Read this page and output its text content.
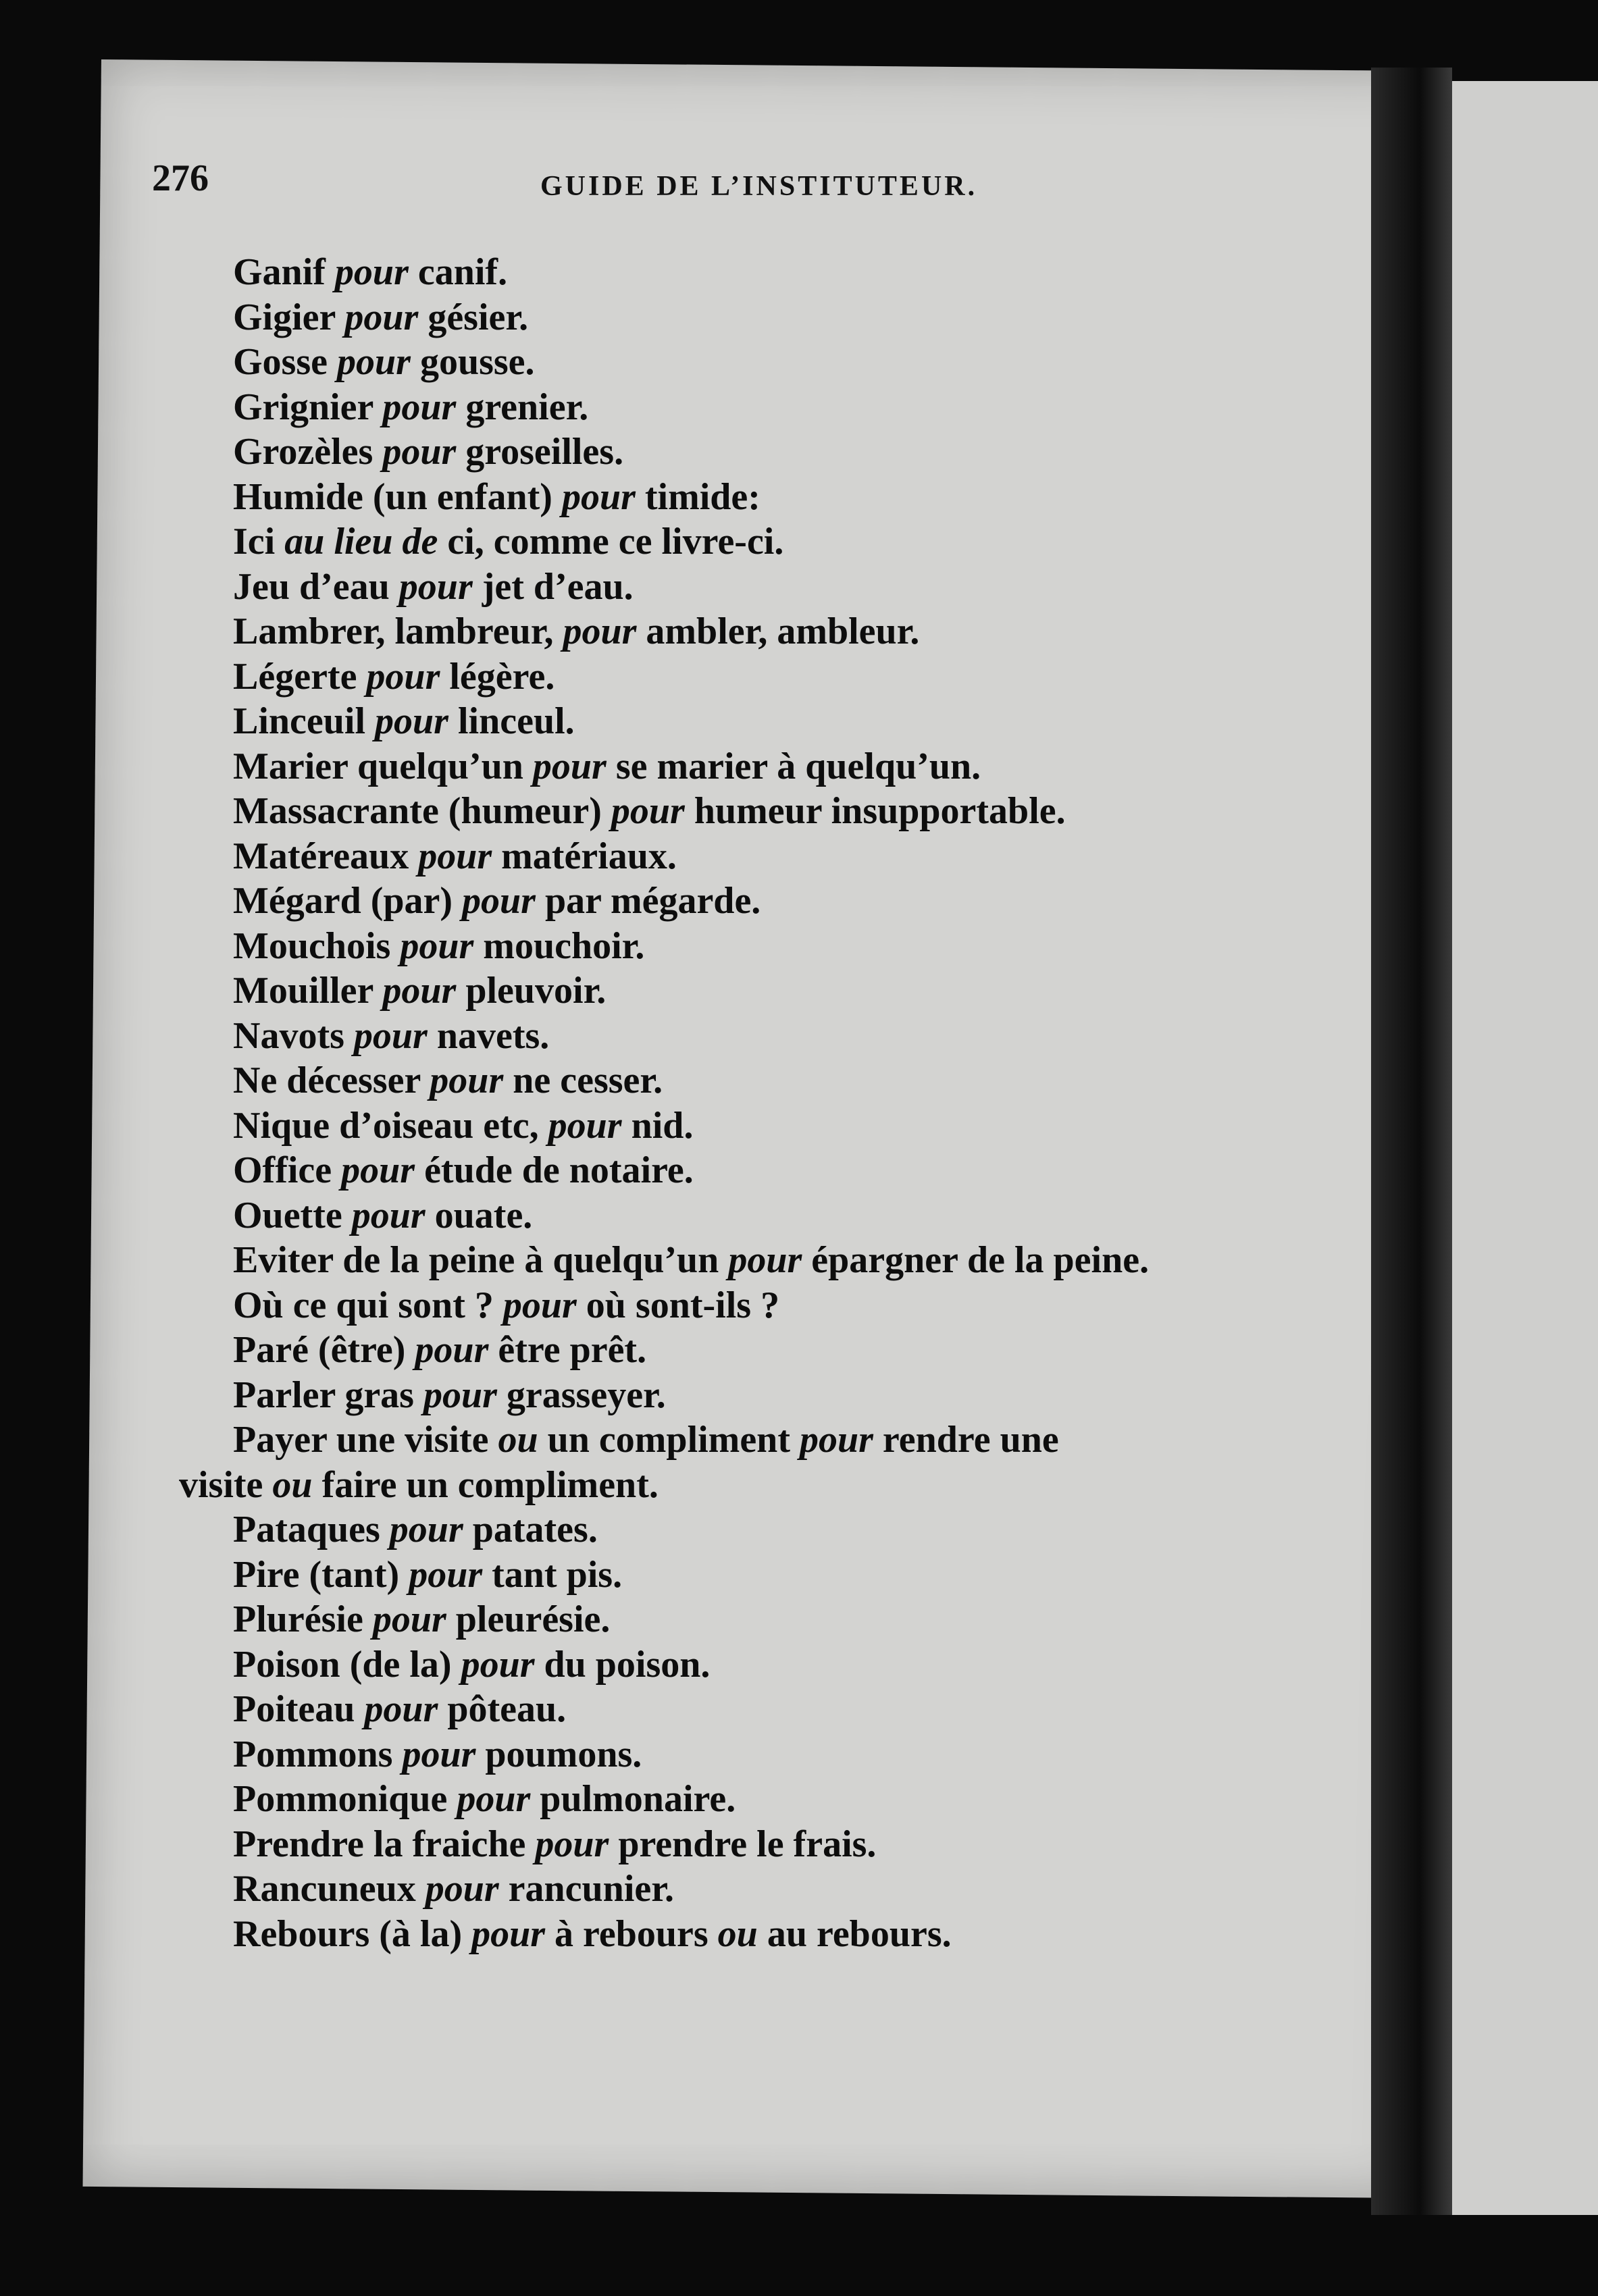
276	GUIDE DE L’INSTITUTEUR.
Ganif pour canif.
Gigier pour gésier.
Gosse pour gousse.
Grignier pour grenier.
Grozèles pour groseilles.
Humide (un enfant) pour timide:
Ici au lieu de ci, comme ce livre-ci.
Jeu d’eau pour jet d’eau.
Lambrer, lambreur, pour ambler, ambleur.
Légerte pour légère.
Linceuil pour linceul.
Marier quelqu’un pour se marier à quelqu’un.
Massacrante (humeur) pour humeur insupportable.
Matéreaux pour matériaux.
Mégard (par) pour par mégarde.
Mouchois pour mouchoir.
Mouiller pour pleuvoir.
Navots pour navets.
Ne décesser pour ne cesser.
Nique d’oiseau etc, pour nid.
Office pour étude de notaire.
Ouette pour ouate.
Eviter de la peine à quelqu’un pour épargner de la peine.
Où ce qui sont ? pour où sont-ils ?
Paré (être) pour être prêt.
Parler gras pour grasseyer.
Payer une visite ou un compliment pour rendre une
visite ou faire un compliment.
Pataques pour patates.
Pire (tant) pour tant pis.
Plurésie pour pleurésie.
Poison (de la) pour du poison.
Poiteau pour pôteau.
Pommons pour poumons.
Pommonique pour pulmonaire.
Prendre la fraiche pour prendre le frais.
Rancuneux pour rancunier.
Rebours (à la) pour à rebours ou au rebours.
